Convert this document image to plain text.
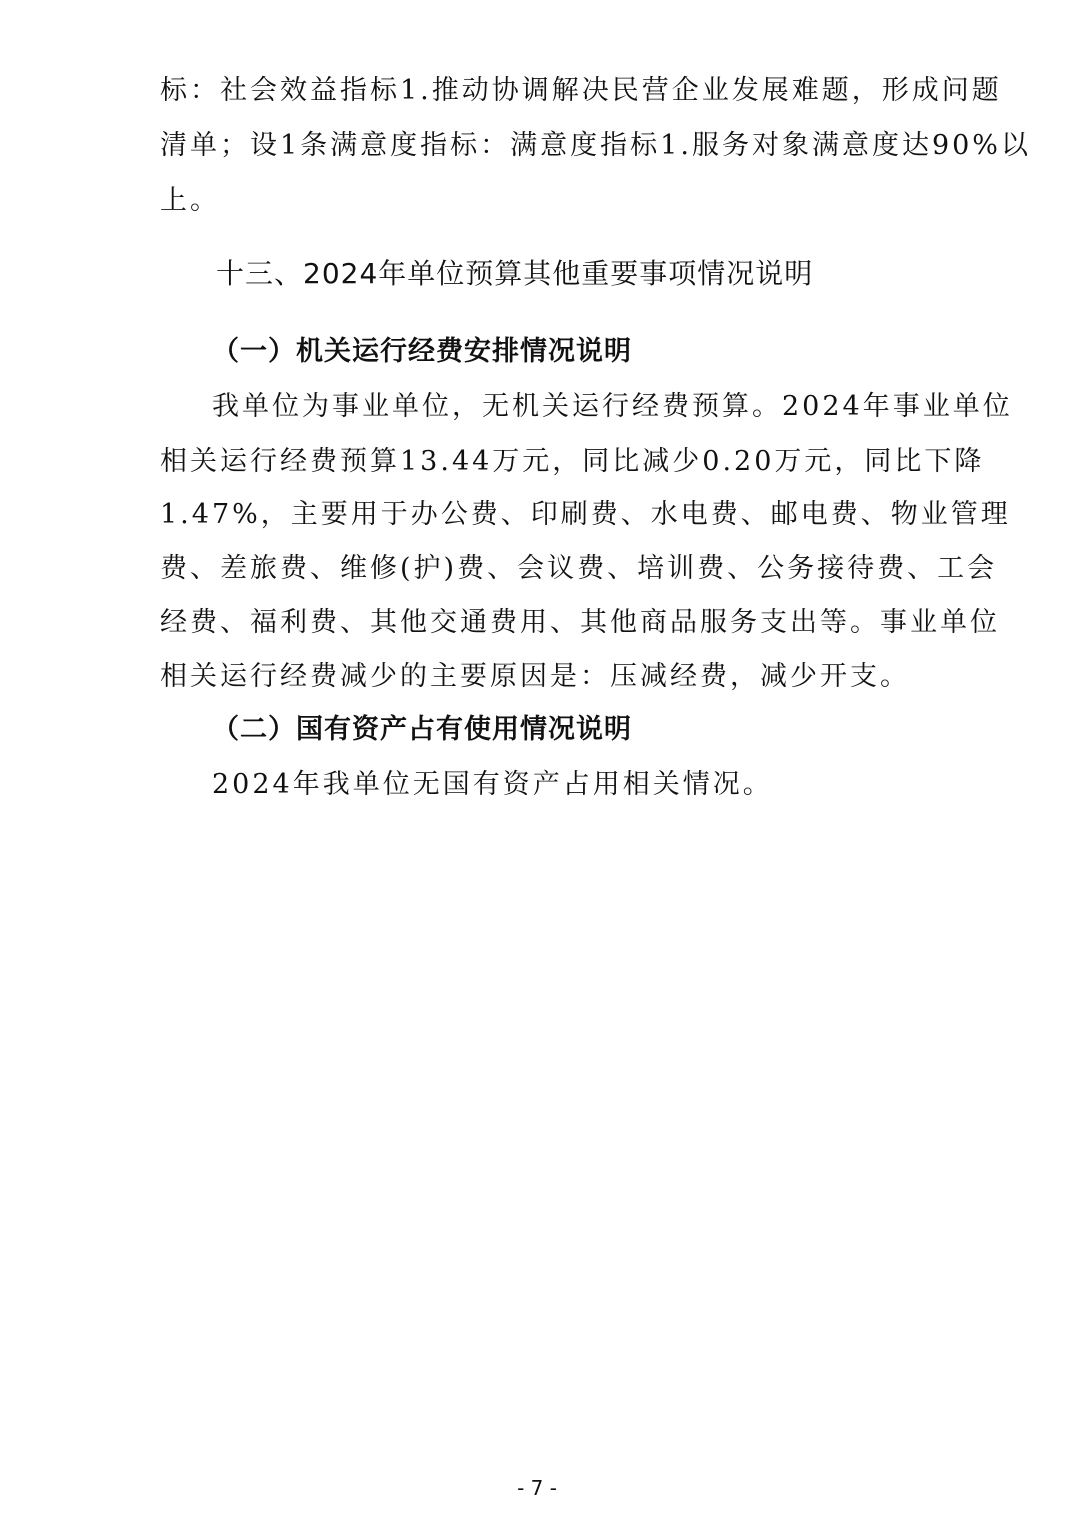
标：社会效益指标1.推动协调解决民营企业发展难题，形成问题
清单；设1条满意度指标：满意度指标1.服务对象满意度达90%以
上。
十三、2024年单位预算其他重要事项情况说明
（一）机关运行经费安排情况说明
我单位为事业单位，无机关运行经费预算。2024年事业单位
相关运行经费预算13.44万元，同比减少0.20万元，同比下降
1.47%，主要用于办公费、印刷费、水电费、邮电费、物业管理
费、差旅费、维修(护)费、会议费、培训费、公务接待费、工会
经费、福利费、其他交通费用、其他商品服务支出等。事业单位
相关运行经费减少的主要原因是：压减经费，减少开支。
（二）国有资产占有使用情况说明
2024年我单位无国有资产占用相关情况。
- 7 -
